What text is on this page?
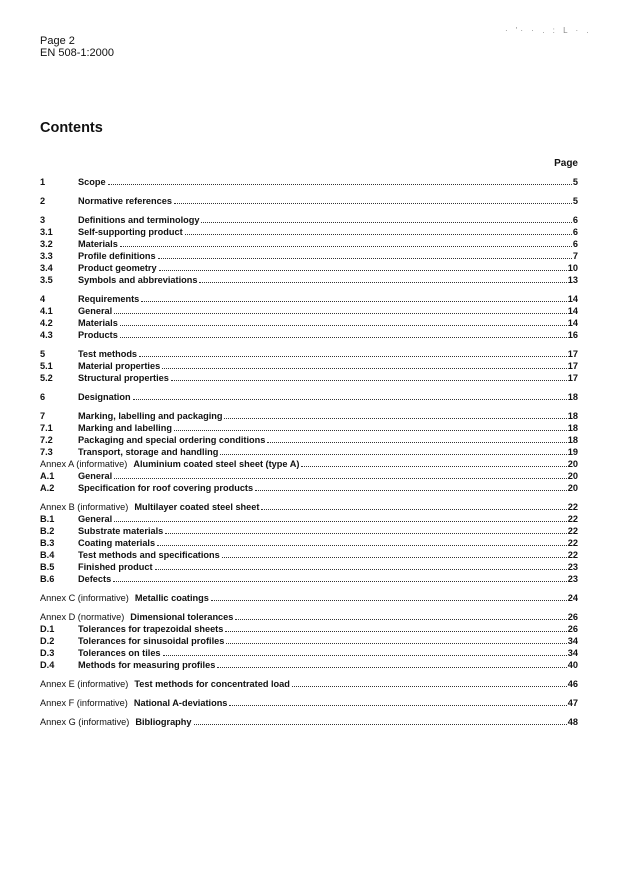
Page 2
EN 508-1:2000
· '· · . : L · .
Contents
Page
1	Scope	5
2	Normative references	5
3	Definitions and terminology	6
3.1	Self-supporting product	6
3.2	Materials	6
3.3	Profile definitions	7
3.4	Product geometry	10
3.5	Symbols and abbreviations	13
4	Requirements	14
4.1	General	14
4.2	Materials	14
4.3	Products	16
5	Test methods	17
5.1	Material properties	17
5.2	Structural properties	17
6	Designation	18
7	Marking, labelling and packaging	18
7.1	Marking and labelling	18
7.2	Packaging and special ordering conditions	18
7.3	Transport, storage and handling	19
Annex A (informative) Aluminium coated steel sheet (type A)	20
A.1	General	20
A.2	Specification for roof covering products	20
Annex B (informative) Multilayer coated steel sheet	22
B.1	General	22
B.2	Substrate materials	22
B.3	Coating materials	22
B.4	Test methods and specifications	22
B.5	Finished product	23
B.6	Defects	23
Annex C (informative) Metallic coatings	24
Annex D (normative) Dimensional tolerances	26
D.1	Tolerances for trapezoidal sheets	26
D.2	Tolerances for sinusoidal profiles	34
D.3	Tolerances on tiles	34
D.4	Methods for measuring profiles	40
Annex E (informative) Test methods for concentrated load	46
Annex F (informative) National A-deviations	47
Annex G (informative) Bibliography	48
